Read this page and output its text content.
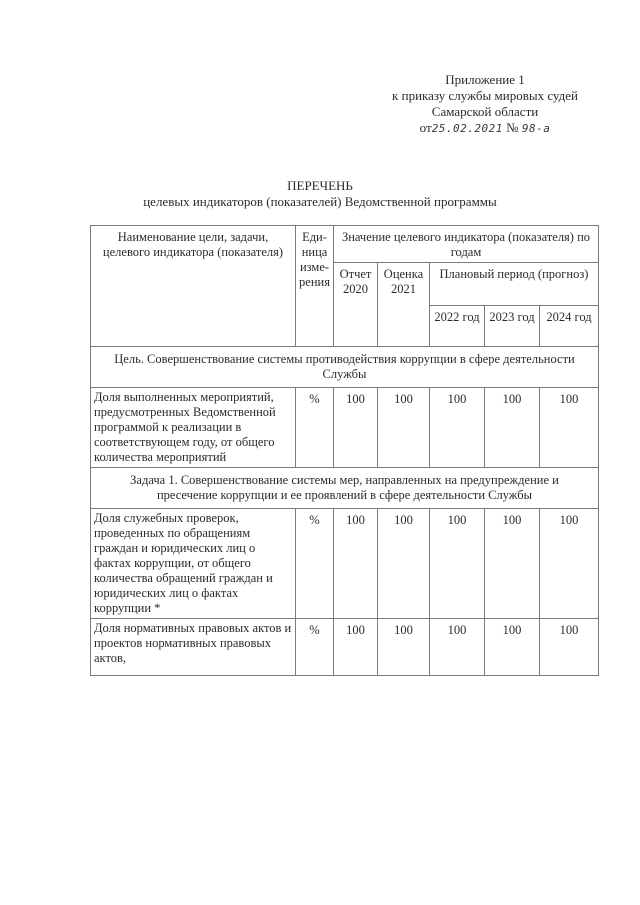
Приложение 1
к приказу службы мировых судей
Самарской области
от25.02.2021 № 98-а
ПЕРЕЧЕНЬ
целевых индикаторов (показателей) Ведомственной программы
Наименование цели, задачи, целевого индикатора (показателя)	Еди-ница изме-рения	Значение целевого индикатора (показателя) по годам				
		Отчет 2020	Оценка 2021	Плановый период (прогноз)		
				2022 год	2023 год	2024 год
Цель. Совершенствование системы противодействия коррупции в сфере деятельности Службы						
Доля выполненных мероприятий, предусмотренных Ведомственной программой к реализации в соответствующем году, от общего количества мероприятий	%	100	100	100	100	100
Задача 1. Совершенствование системы мер, направленных на предупреждение и пресечение коррупции и ее проявлений в сфере деятельности Службы						
Доля служебных проверок, проведенных по обращениям граждан и юридических лиц о фактах коррупции, от общего количества обращений граждан и юридических лиц о фактах коррупции *	%	100	100	100	100	100
Доля нормативных правовых актов и проектов нормативных правовых актов,	%	100	100	100	100	100
